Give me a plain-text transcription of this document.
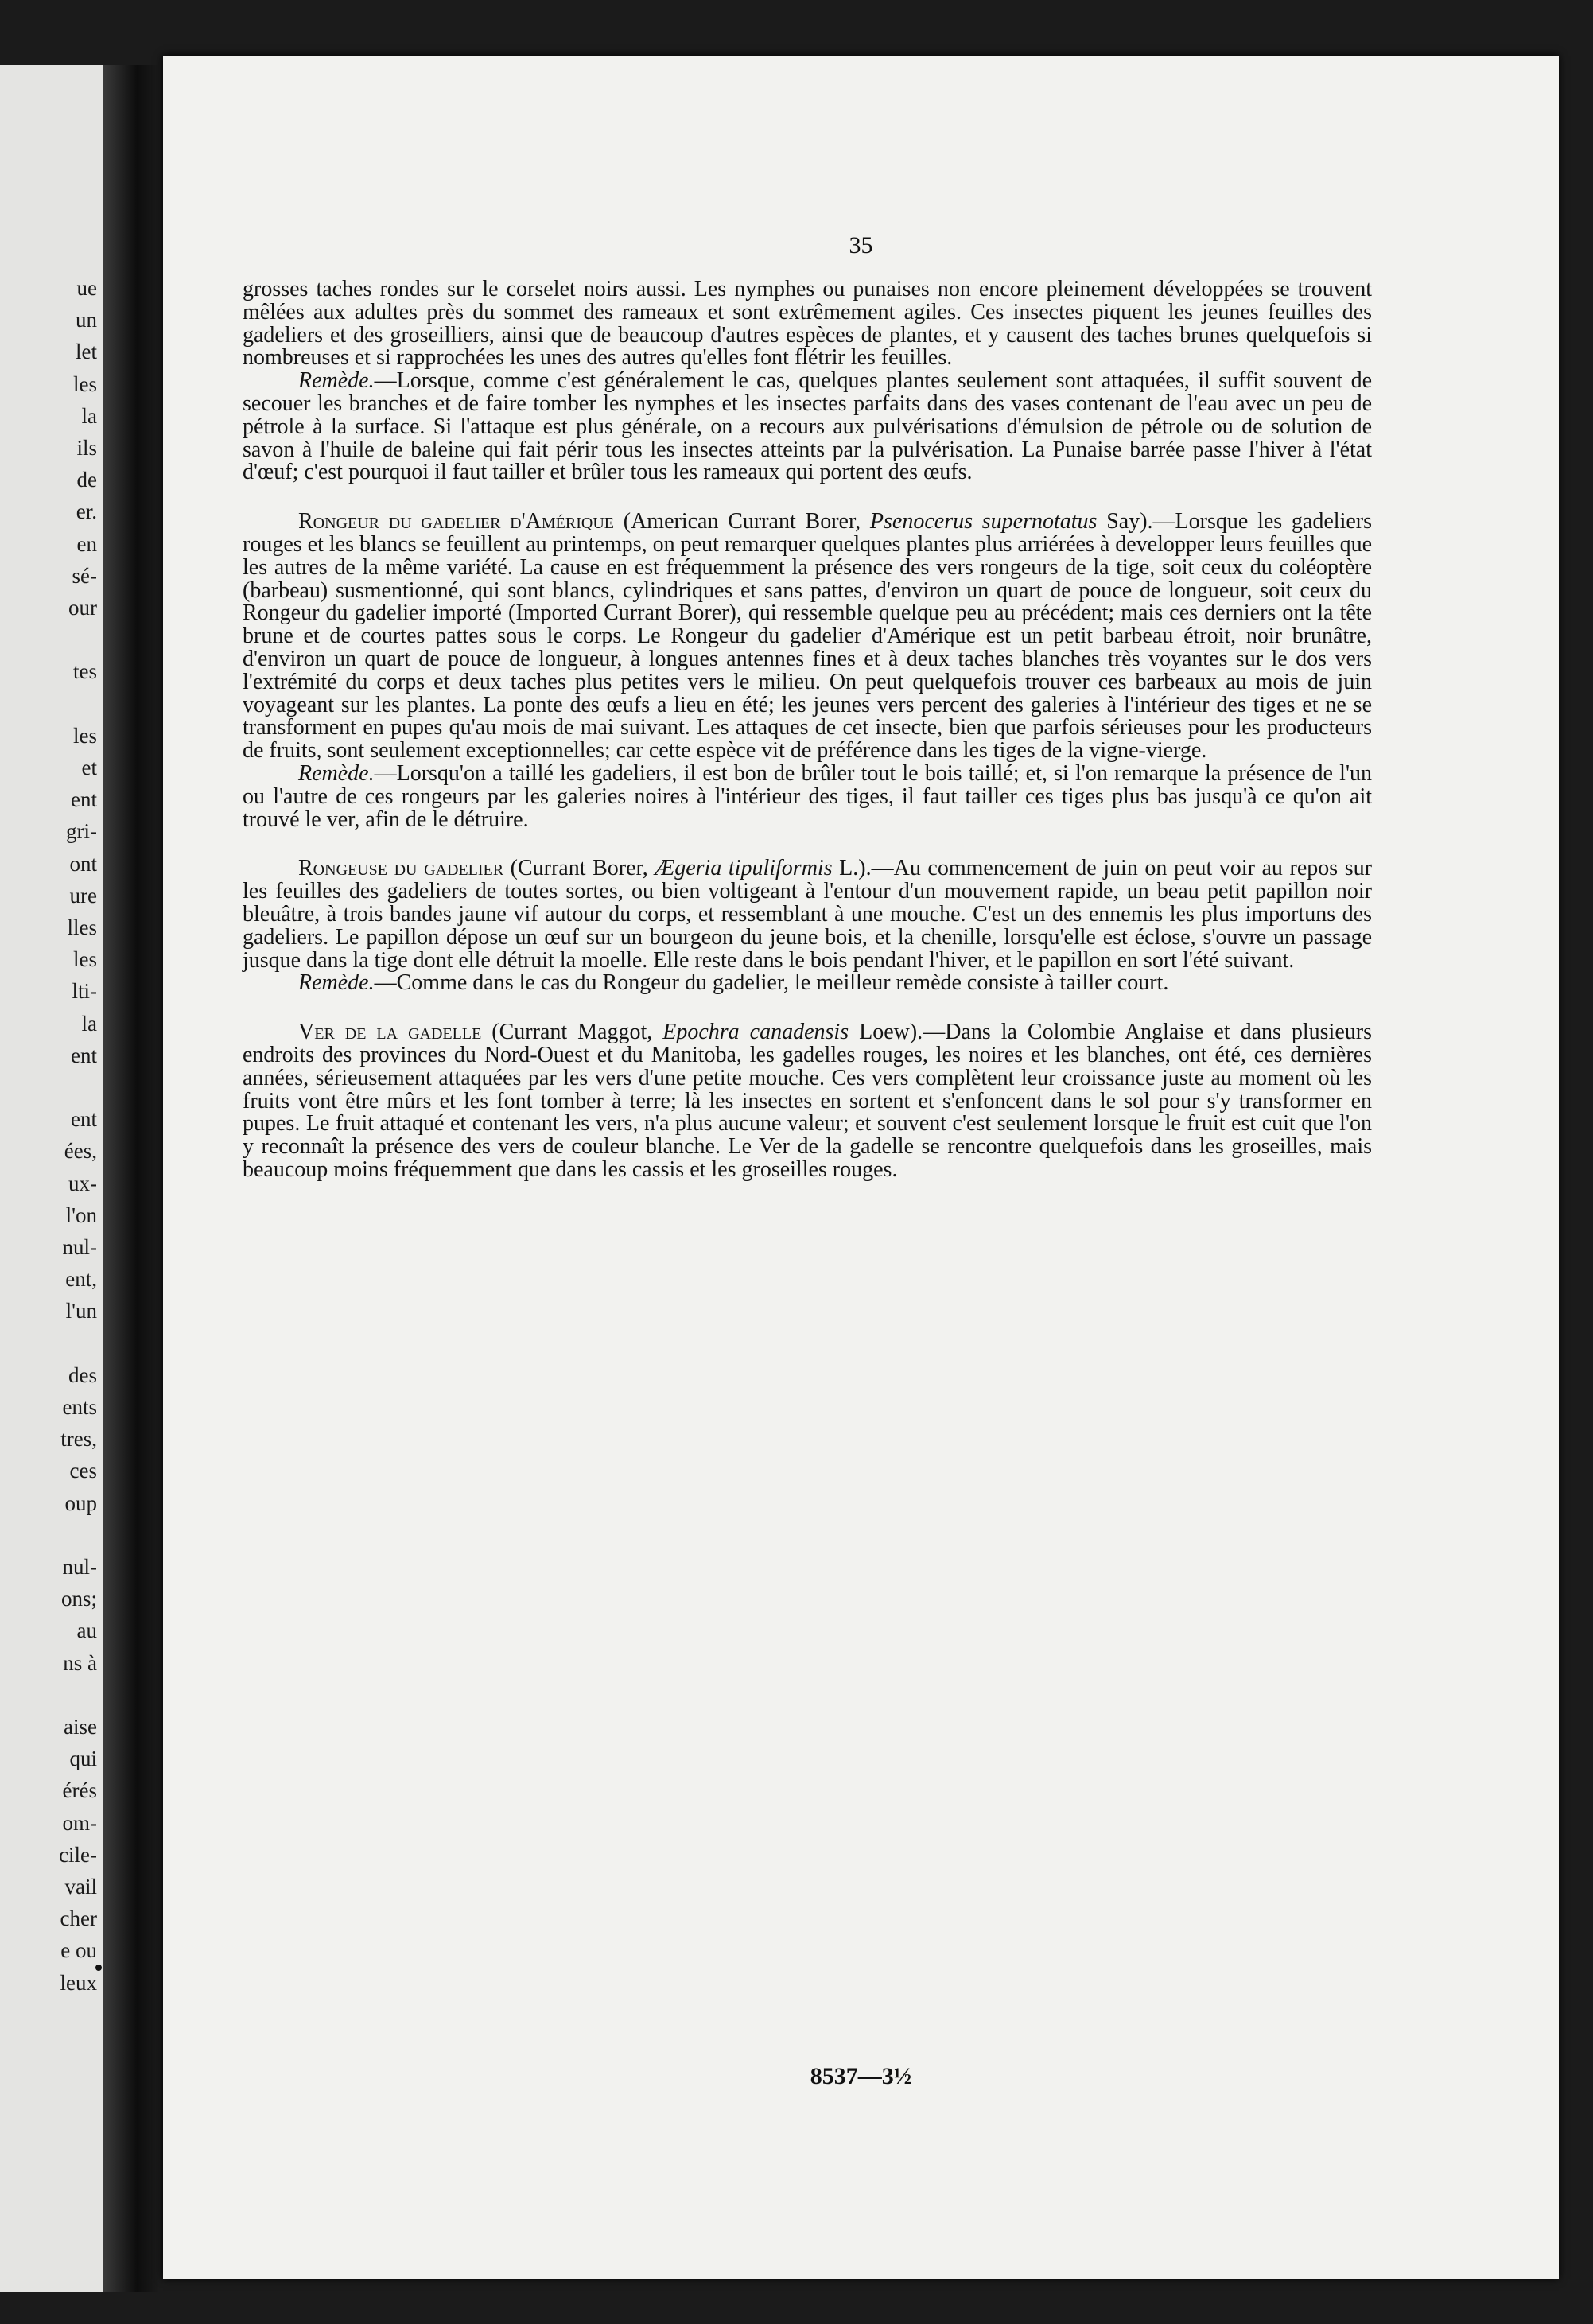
ue
un
let
les
la
ils
de
er.
en
sé-
our
tes
les
et
ent
gri-
ont
ure
lles
les
lti-
la
ent
ent
ées,
ux-
l'on
nul-
ent,
l'un
des
ents
tres,
ces
oup
nul-
ons;
au
ns à
aise
qui
érés
om-
cile-
vail
cher
e ou
leux
35

grosses taches rondes sur le corselet noirs aussi. Les nymphes ou punaises non encore pleinement développées se trouvent mêlées aux adultes près du sommet des rameaux et sont extrêmement agiles. Ces insectes piquent les jeunes feuilles des gadeliers et des groseilliers, ainsi que de beaucoup d'autres espèces de plantes, et y causent des taches brunes quelquefois si nombreuses et si rapprochées les unes des autres qu'elles font flétrir les feuilles.

Remède.—Lorsque, comme c'est généralement le cas, quelques plantes seulement sont attaquées, il suffit souvent de secouer les branches et de faire tomber les nymphes et les insectes parfaits dans des vases contenant de l'eau avec un peu de pétrole à la surface. Si l'attaque est plus générale, on a recours aux pulvérisations d'émulsion de pétrole ou de solution de savon à l'huile de baleine qui fait périr tous les insectes atteints par la pulvérisation. La Punaise barrée passe l'hiver à l'état d'œuf; c'est pourquoi il faut tailler et brûler tous les rameaux qui portent des œufs.

Rongeur du gadelier d'Amérique (American Currant Borer, Psenocerus supernotatus Say).—Lorsque les gadeliers rouges et les blancs se feuillent au printemps, on peut remarquer quelques plantes plus arriérées à developper leurs feuilles que les autres de la même variété. La cause en est fréquemment la présence des vers rongeurs de la tige, soit ceux du coléoptère (barbeau) susmentionné, qui sont blancs, cylindriques et sans pattes, d'environ un quart de pouce de longueur, soit ceux du Rongeur du gadelier importé (Imported Currant Borer), qui ressemble quelque peu au précédent; mais ces derniers ont la tête brune et de courtes pattes sous le corps. Le Rongeur du gadelier d'Amérique est un petit barbeau étroit, noir brunâtre, d'environ un quart de pouce de longueur, à longues antennes fines et à deux taches blanches très voyantes sur le dos vers l'extrémité du corps et deux taches plus petites vers le milieu. On peut quelquefois trouver ces barbeaux au mois de juin voyageant sur les plantes. La ponte des œufs a lieu en été; les jeunes vers percent des galeries à l'intérieur des tiges et ne se transforment en pupes qu'au mois de mai suivant. Les attaques de cet insecte, bien que parfois sérieuses pour les producteurs de fruits, sont seulement exceptionnelles; car cette espèce vit de préférence dans les tiges de la vigne-vierge.

Remède.—Lorsqu'on a taillé les gadeliers, il est bon de brûler tout le bois taillé; et, si l'on remarque la présence de l'un ou l'autre de ces rongeurs par les galeries noires à l'intérieur des tiges, il faut tailler ces tiges plus bas jusqu'à ce qu'on ait trouvé le ver, afin de le détruire.

Rongeuse du gadelier (Currant Borer, Ægeria tipuliformis L.).—Au commencement de juin on peut voir au repos sur les feuilles des gadeliers de toutes sortes, ou bien voltigeant à l'entour d'un mouvement rapide, un beau petit papillon noir bleuâtre, à trois bandes jaune vif autour du corps, et ressemblant à une mouche. C'est un des ennemis les plus importuns des gadeliers. Le papillon dépose un œuf sur un bourgeon du jeune bois, et la chenille, lorsqu'elle est éclose, s'ouvre un passage jusque dans la tige dont elle détruit la moelle. Elle reste dans le bois pendant l'hiver, et le papillon en sort l'été suivant.

Remède.—Comme dans le cas du Rongeur du gadelier, le meilleur remède consiste à tailler court.

Ver de la gadelle (Currant Maggot, Epochra canadensis Loew).—Dans la Colombie Anglaise et dans plusieurs endroits des provinces du Nord-Ouest et du Manitoba, les gadelles rouges, les noires et les blanches, ont été, ces dernières années, sérieusement attaquées par les vers d'une petite mouche. Ces vers complètent leur croissance juste au moment où les fruits vont être mûrs et les font tomber à terre; là les insectes en sortent et s'enfoncent dans le sol pour s'y transformer en pupes. Le fruit attaqué et contenant les vers, n'a plus aucune valeur; et souvent c'est seulement lorsque le fruit est cuit que l'on y reconnaît la présence des vers de couleur blanche. Le Ver de la gadelle se rencontre quelquefois dans les groseilles, mais beaucoup moins fréquemment que dans les cassis et les groseilles rouges.

8537—3½
